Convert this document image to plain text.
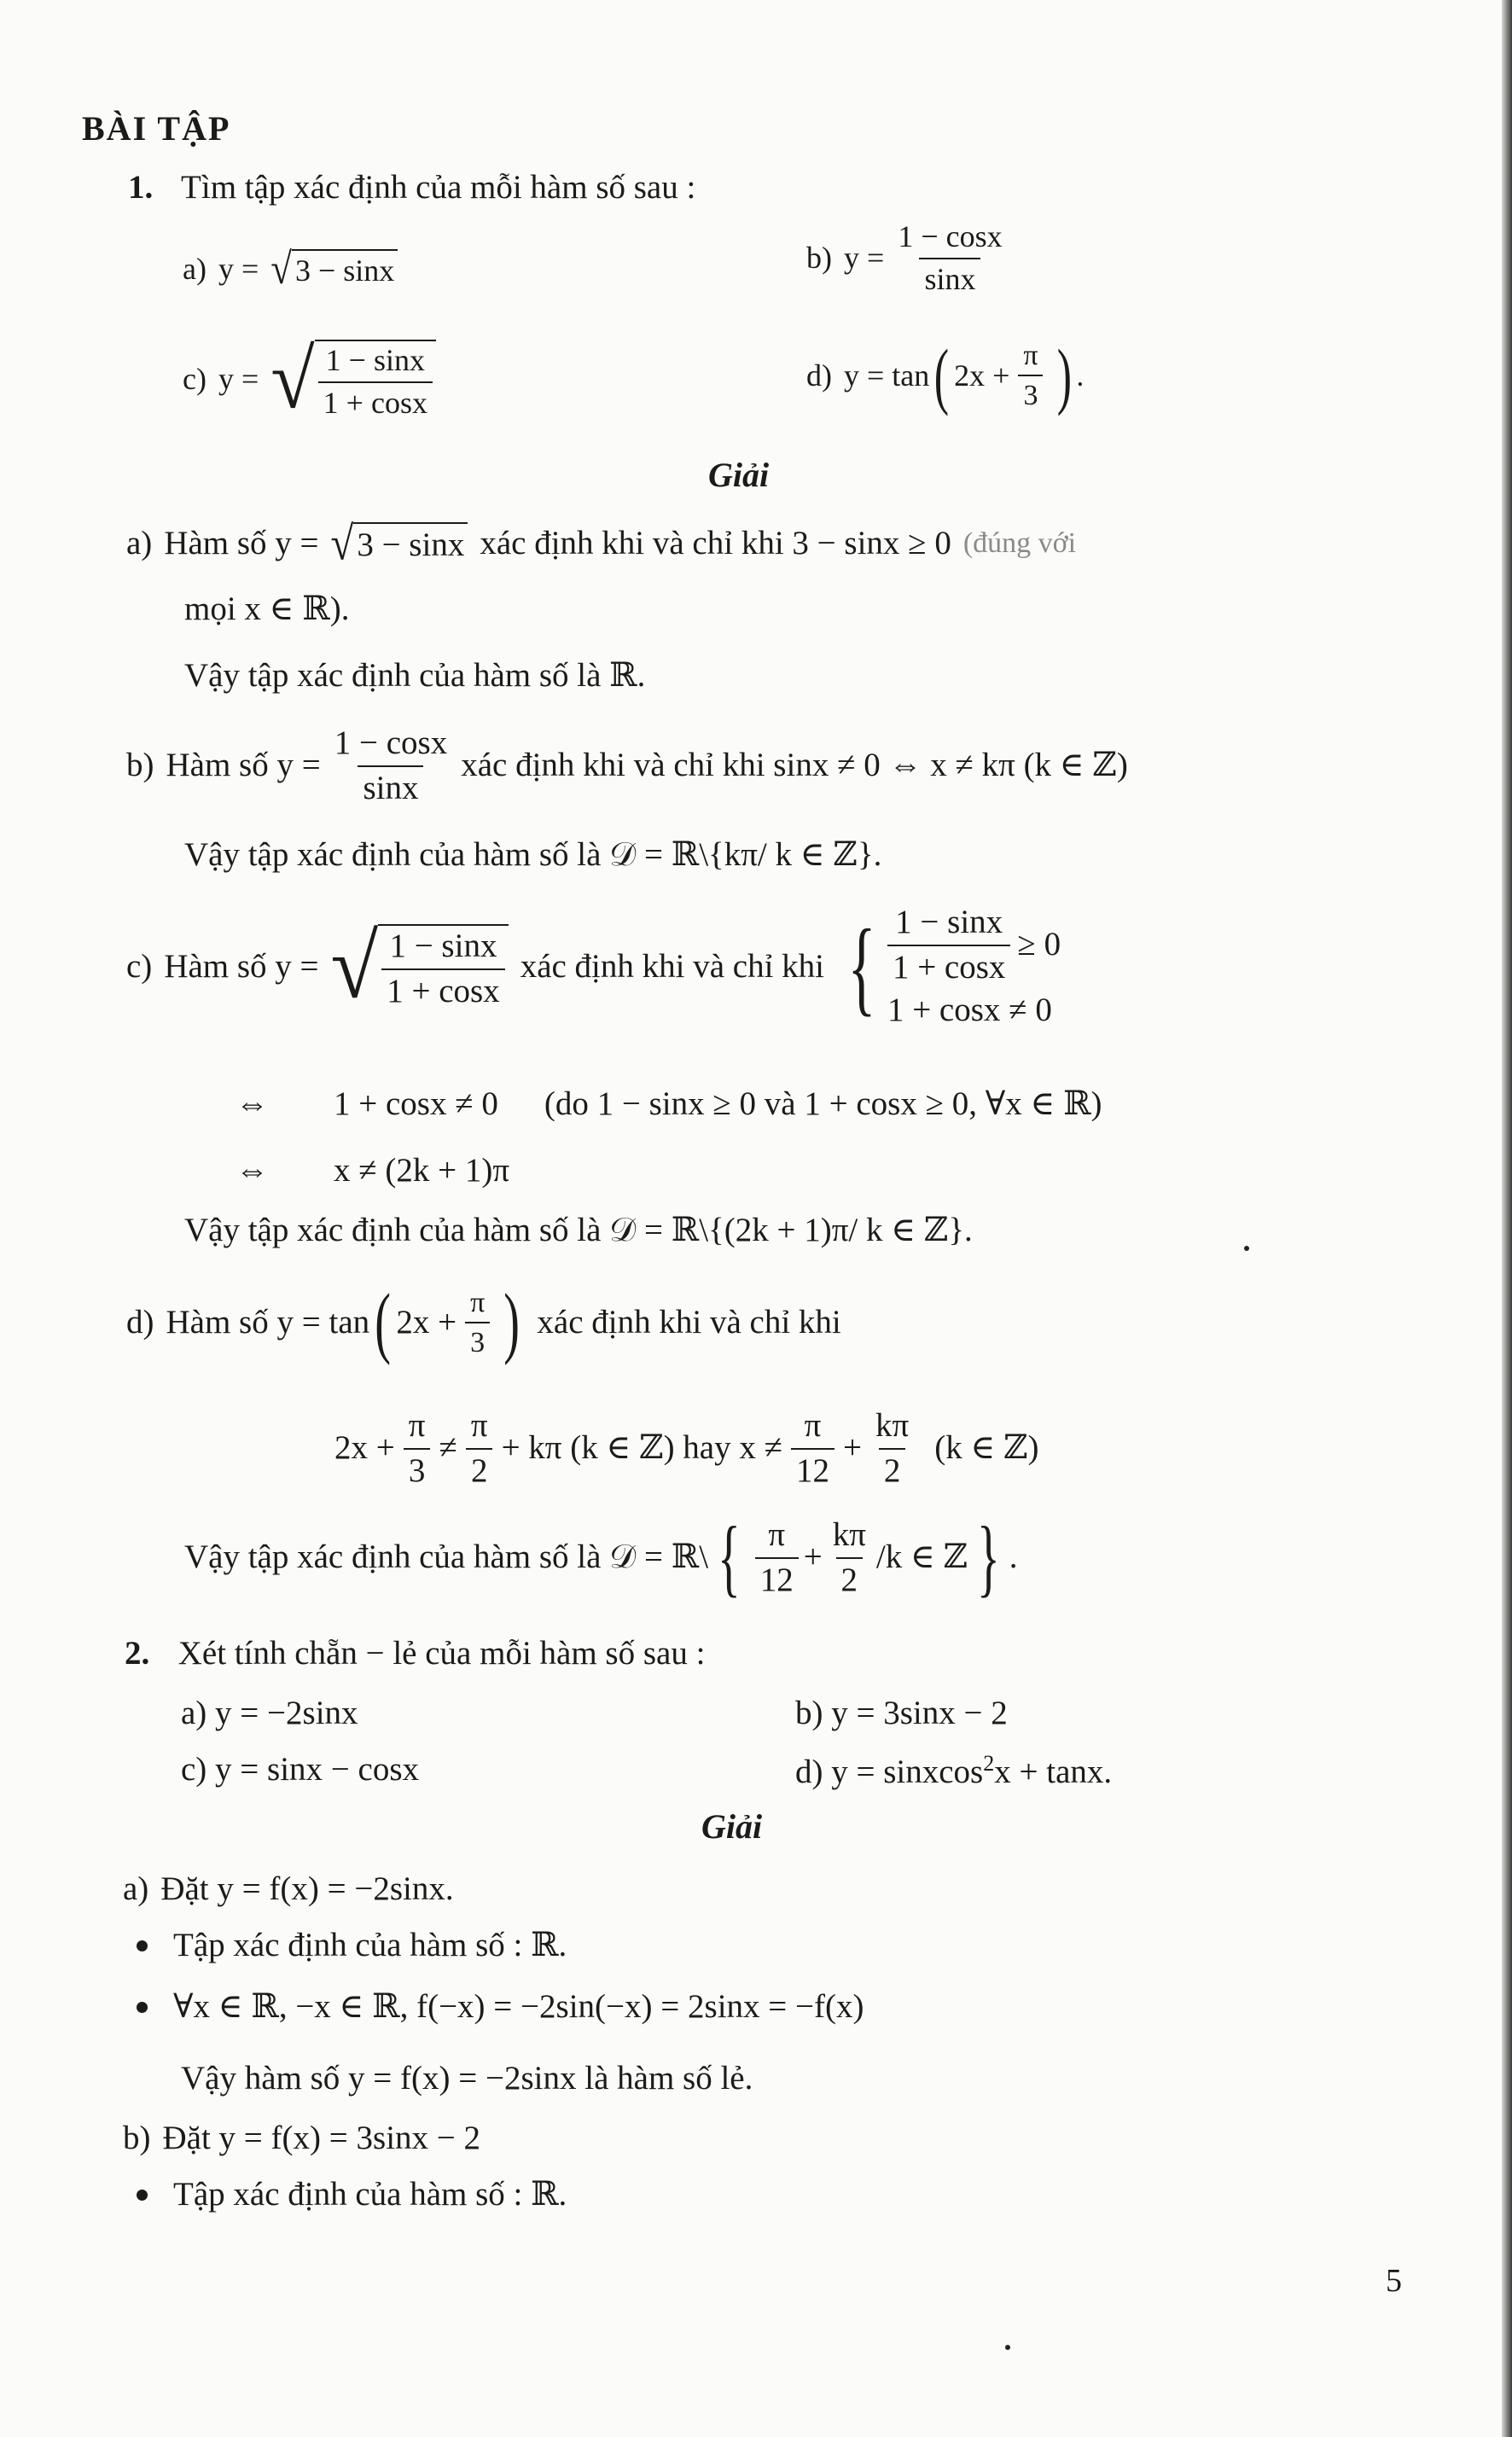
BÀI TẬP
1. Tìm tập xác định của mỗi hàm số sau :
a) y = √ 3 − sinx	b) $y = \frac{1 - \cos x}{\sin x}$
c) y = √ $\frac{1 - \sin x}{1 + \cos x}$	d) y = tan ( $2x + \frac{\pi}{3}$ ) .
Giải
a) Hàm số y = √ 3 − sinx xác định khi và chỉ khi 3 − sinx ≥ 0 (đúng với
mọi x ∈ ℝ).
Vậy tập xác định của hàm số là ℝ.
b) Hàm số $y = \frac{1 - \cos x}{\sin x}$ xác định khi và chỉ khi sinx ≠ 0 ⇔ x ≠ kπ (k ∈ ℤ)
Vậy tập xác định của hàm số là 𝒟 = ℝ\{kπ/ k ∈ ℤ}.
c) Hàm số y = √ $\frac{1 - \sin x}{1 + \cos x}$ xác định khi và chỉ khi { $\frac{1 - \sin x}{1 + \cos x} \ge 0$
1 + cosx ≠ 0
⇔ 1 + cosx ≠ 0 (do 1 − sinx ≥ 0 và 1 + cosx ≥ 0, ∀x ∈ ℝ)
⇔ x ≠ (2k + 1)π
Vậy tập xác định của hàm số là 𝒟 = ℝ\{(2k + 1)π/ k ∈ ℤ}.
d) Hàm số y = tan ( $2x + \frac{\pi}{3}$ ) xác định khi và chỉ khi
$2x + \frac{\pi}{3} \ne \frac{\pi}{2} + k\pi$ (k ∈ ℤ) hay $x \ne \frac{\pi}{12} + \frac{k\pi}{2} (k$ ∈ ℤ)
Vậy tập xác định của hàm số là 𝒟 = ℝ\ { $\frac{\pi}{12} + \frac{k\pi}{2} /k$ ∈ ℤ } .
2. Xét tính chẵn − lẻ của mỗi hàm số sau :
a) y = −2sinx	b) y = 3sinx − 2
c) y = sinx − cosx	d) y = sinxcos$^2$x + tanx.
Giải
a) Đặt y = f(x) = −2sinx.
Tập xác định của hàm số : ℝ.
∀x ∈ ℝ, −x ∈ ℝ, f(−x) = −2sin(−x) = 2sinx = −f(x)
Vậy hàm số y = f(x) = −2sinx là hàm số lẻ.
b) Đặt y = f(x) = 3sinx − 2
Tập xác định của hàm số : ℝ.
5
